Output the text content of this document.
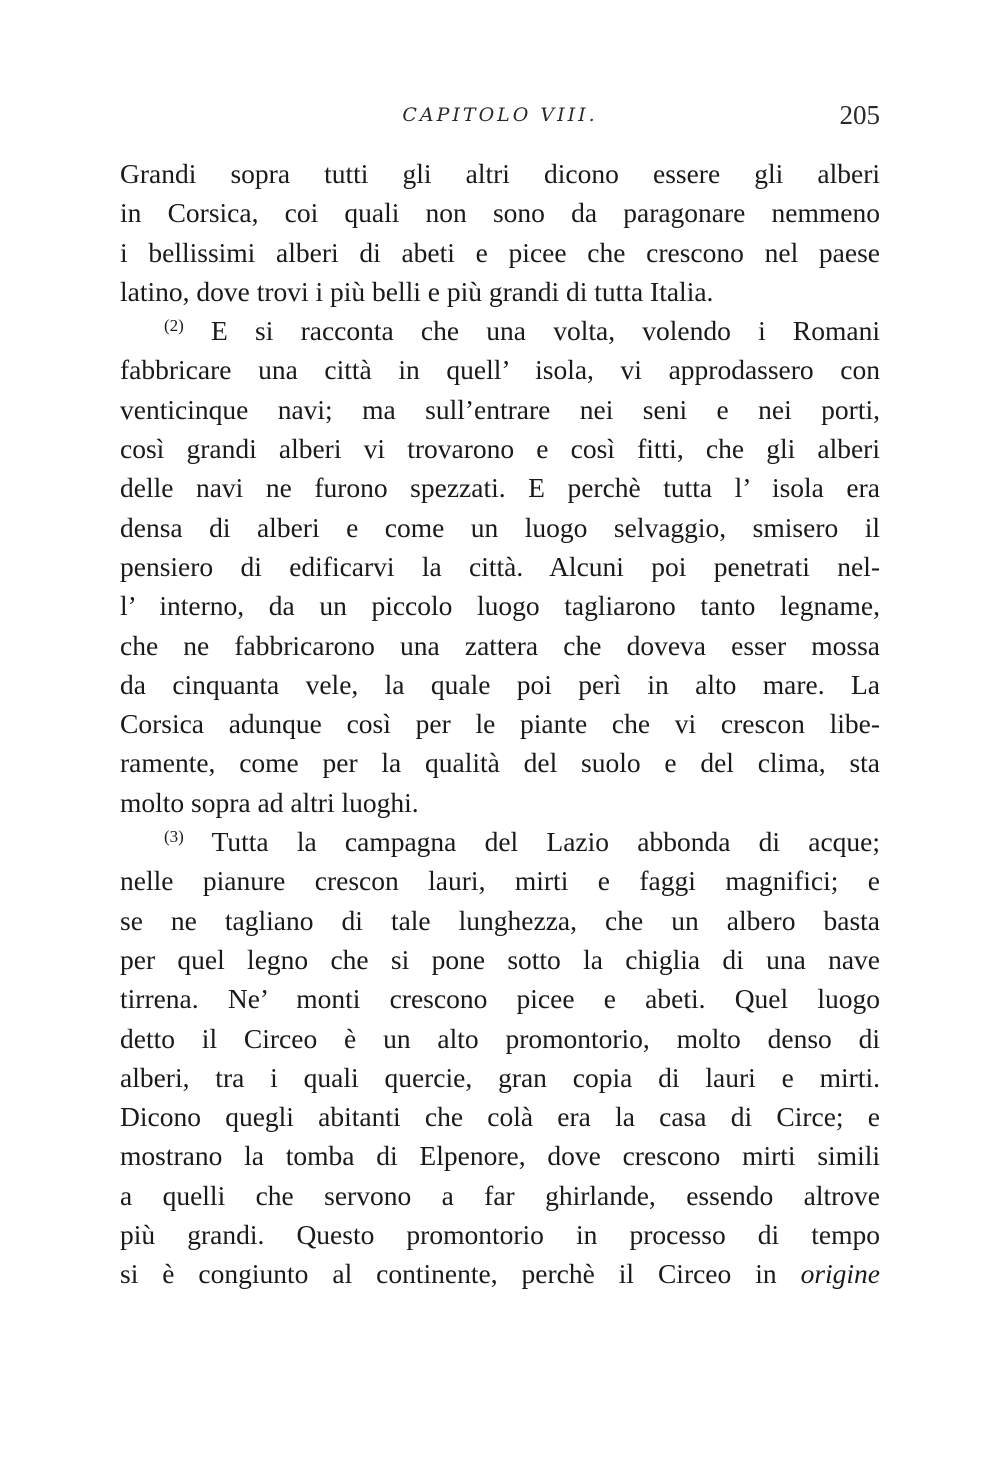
CAPITOLO VIII.	205
Grandi sopra tutti gli altri dicono essere gli alberi
in Corsica, coi quali non sono da paragonare nemmeno
i bellissimi alberi di abeti e picee che crescono nel paese
latino, dove trovi i più belli e più grandi di tutta Italia.
$^{(2)}$ E si racconta che una volta, volendo i Romani
fabbricare una città in quell’ isola, vi approdassero con
venticinque navi; ma sull’entrare nei seni e nei porti,
così grandi alberi vi trovarono e così fitti, che gli alberi
delle navi ne furono spezzati. E perchè tutta l’ isola era
densa di alberi e come un luogo selvaggio, smisero il
pensiero di edificarvi la città. Alcuni poi penetrati nel-
l’ interno, da un piccolo luogo tagliarono tanto legname,
che ne fabbricarono una zattera che doveva esser mossa
da cinquanta vele, la quale poi perì in alto mare. La
Corsica adunque così per le piante che vi crescon libe-
ramente, come per la qualità del suolo e del clima, sta
molto sopra ad altri luoghi.
$^{(3)}$ Tutta la campagna del Lazio abbonda di acque;
nelle pianure crescon lauri, mirti e faggi magnifici; e
se ne tagliano di tale lunghezza, che un albero basta
per quel legno che si pone sotto la chiglia di una nave
tirrena. Ne’ monti crescono picee e abeti. Quel luogo
detto il Circeo è un alto promontorio, molto denso di
alberi, tra i quali quercie, gran copia di lauri e mirti.
Dicono quegli abitanti che colà era la casa di Circe; e
mostrano la tomba di Elpenore, dove crescono mirti simili
a quelli che servono a far ghirlande, essendo altrove
più grandi. Questo promontorio in processo di tempo
si è congiunto al continente, perchè il Circeo in origine
